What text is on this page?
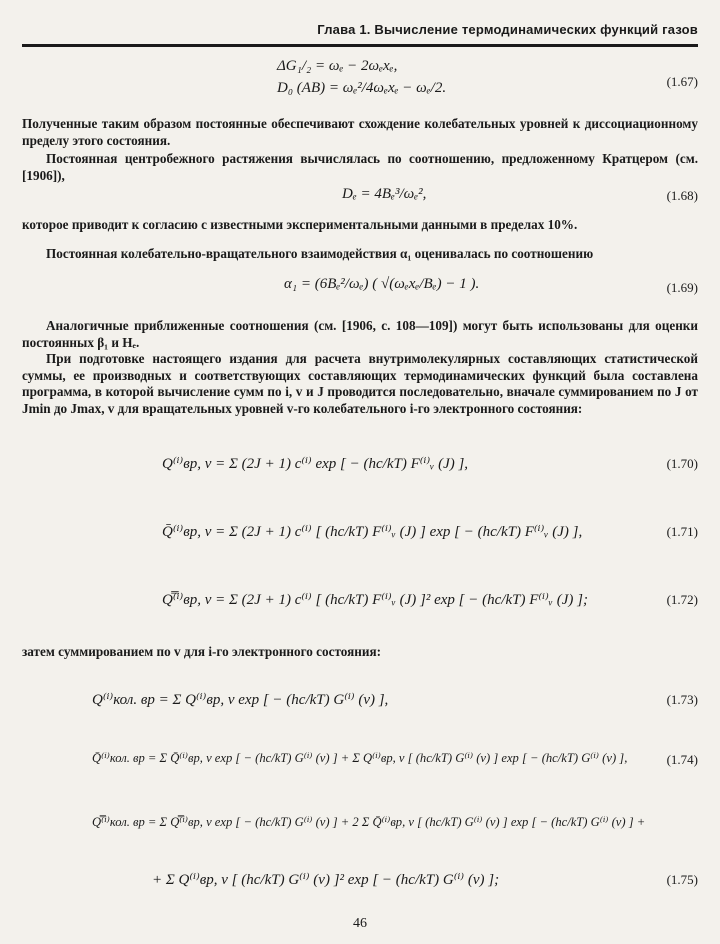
Глава 1. Вычисление термодинамических функций газов
ΔG₁/₂ = ωₑ − 2ωₑxₑ,
D₀ (AB) = ωₑ²/4ωₑxₑ − ωₑ/2.	(1.67)
Полученные таким образом постоянные обеспечивают схождение колебательных уровней к диссоциационному пределу этого состояния.
Постоянная центробежного растяжения вычислялась по соотношению, предложенному Кратцером (см. [1906]),
Dₑ = 4Bₑ³/ωₑ²,	(1.68)
которое приводит к согласию с известными экспериментальными данными в пределах 10%.
Постоянная колебательно-вращательного взаимодействия α₁ оценивалась по соотношению
α₁ = (6Bₑ²/ωₑ) ( √(ωₑxₑ/Bₑ) − 1 ).	(1.69)
Аналогичные приближенные соотношения (см. [1906, с. 108—109]) могут быть использованы для оценки постоянных β₁ и Hₑ.
При подготовке настоящего издания для расчета внутримолекулярных составляющих статистической суммы, ее производных и соответствующих составляющих термодинамических функций была составлена программа, в которой вычисление сумм по i, v и J проводится последовательно, вначале суммированием по J от Jmin до Jmax, v для вращательных уровней v-го колебательного i-го электронного состояния:
Q⁽ⁱ⁾вр, v = Σ (2J + 1) c⁽ⁱ⁾ exp [ − (hc/kT) F⁽ⁱ⁾ᵥ (J) ],	(1.70)
Q̄⁽ⁱ⁾вр, v = Σ (2J + 1) c⁽ⁱ⁾ [ (hc/kT) F⁽ⁱ⁾ᵥ (J) ] exp [ − (hc/kT) F⁽ⁱ⁾ᵥ (J) ],	(1.71)
Q̿⁽ⁱ⁾вр, v = Σ (2J + 1) c⁽ⁱ⁾ [ (hc/kT) F⁽ⁱ⁾ᵥ (J) ]² exp [ − (hc/kT) F⁽ⁱ⁾ᵥ (J) ];	(1.72)
затем суммированием по v для i-го электронного состояния:
Q⁽ⁱ⁾кол. вр = Σ Q⁽ⁱ⁾вр, v exp [ − (hc/kT) G⁽ⁱ⁾ (v) ],	(1.73)
Q̄⁽ⁱ⁾кол. вр = Σ Q̄⁽ⁱ⁾вр, v exp [ − (hc/kT) G⁽ⁱ⁾ (v) ] + Σ Q⁽ⁱ⁾вр, v [ (hc/kT) G⁽ⁱ⁾ (v) ] exp [ − (hc/kT) G⁽ⁱ⁾ (v) ],	(1.74)
Q̿⁽ⁱ⁾кол. вр = Σ Q̿⁽ⁱ⁾вр, v exp [ − (hc/kT) G⁽ⁱ⁾ (v) ] + 2 Σ Q̄⁽ⁱ⁾вр, v [ (hc/kT) G⁽ⁱ⁾ (v) ] exp [ − (hc/kT) G⁽ⁱ⁾ (v) ] +
+ Σ Q⁽ⁱ⁾вр, v [ (hc/kT) G⁽ⁱ⁾ (v) ]² exp [ − (hc/kT) G⁽ⁱ⁾ (v) ];	(1.75)
46
